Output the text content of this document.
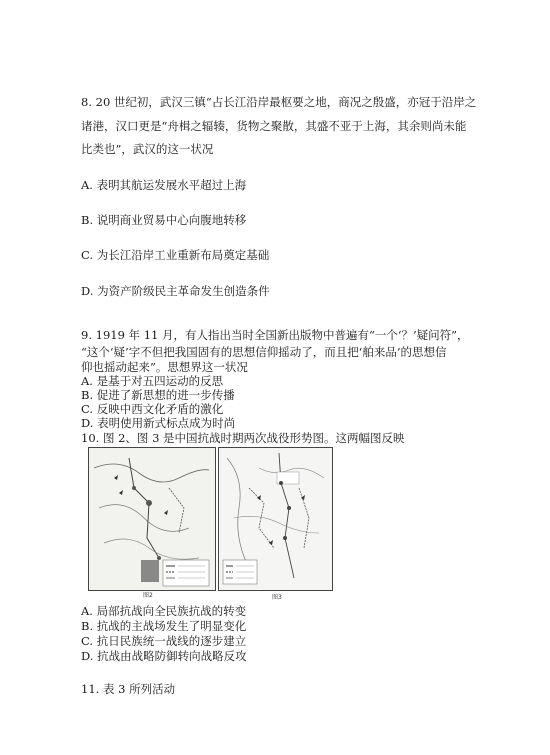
8. 20 世纪初，武汉三镇“占长江沿岸最枢要之地，商况之殷盛，亦冠于沿岸之
诸港，汉口更是“舟楫之辐辏，货物之聚散，其盛不亚于上海，其余则尚未能
比类也”，武汉的这一状况
A. 表明其航运发展水平超过上海
B. 说明商业贸易中心向腹地转移
C. 为长江沿岸工业重新布局奠定基础
D. 为资产阶级民主革命发生创造条件
9. 1919 年 11 月，有人指出当时全国新出版物中普遍有“一个‘？’疑问符”，
“这个‘疑’字不但把我国固有的思想信仰摇动了，而且把‘舶来品’的思想信
仰也摇动起来”。思想界这一状况
A. 是基于对五四运动的反思
B. 促进了新思想的进一步传播
C. 反映中西文化矛盾的激化
D. 表明使用新式标点成为时尚
10. 图 2、图 3 是中国抗战时期两次战役形势图。这两幅图反映
图2	图3
A. 局部抗战向全民族抗战的转变
B. 抗战的主战场发生了明显变化
C. 抗日民族统一战线的逐步建立
D. 抗战由战略防御转向战略反攻
11. 表 3 所列活动
